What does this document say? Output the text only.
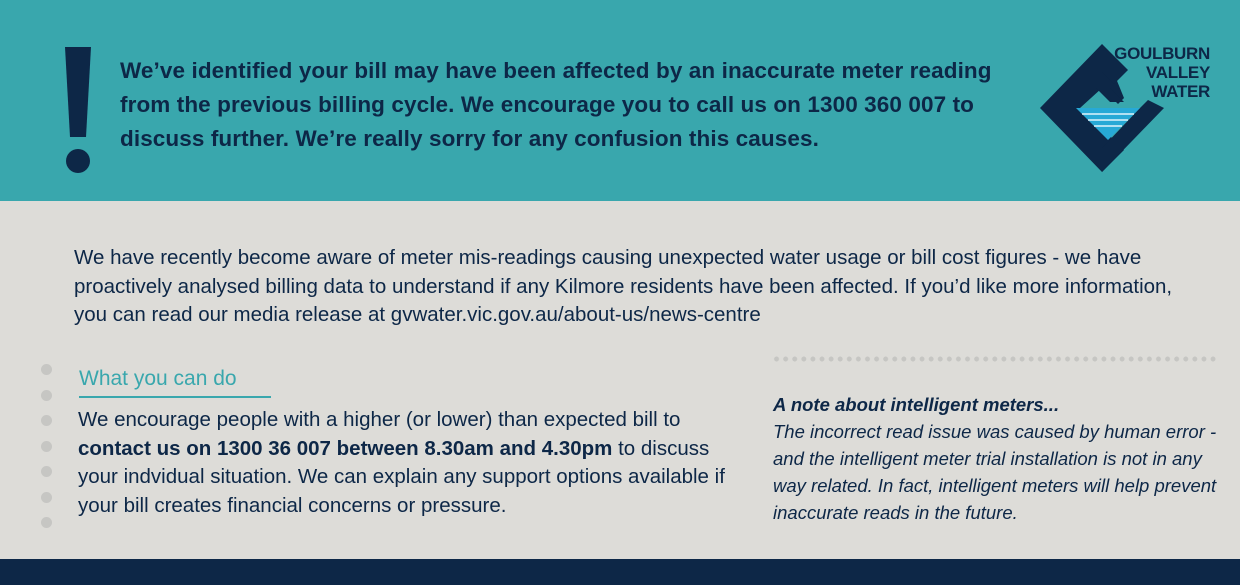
We’ve identified your bill may have been affected by an inaccurate meter reading from the previous billing cycle. We encourage you to call us on 1300 360 007 to discuss further. We’re really sorry for any confusion this causes.
GOULBURN
VALLEY
WATER
We have recently become aware of meter mis-readings causing unexpected water usage or bill cost figures - we have proactively analysed billing data to understand if any Kilmore residents have been affected. If you’d like more information, you can read our media release at gvwater.vic.gov.au/about-us/news-centre
What you can do
We encourage people with a higher (or lower) than expected bill to contact us on 1300 36 007 between 8.30am and 4.30pm to discuss your indvidual situation. We can explain any support options available if your bill creates financial concerns or pressure.
A note about intelligent meters...
The incorrect read issue was caused by human error - and the intelligent meter trial installation is not in any way related. In fact, intelligent meters will help prevent inaccurate reads in the future.
